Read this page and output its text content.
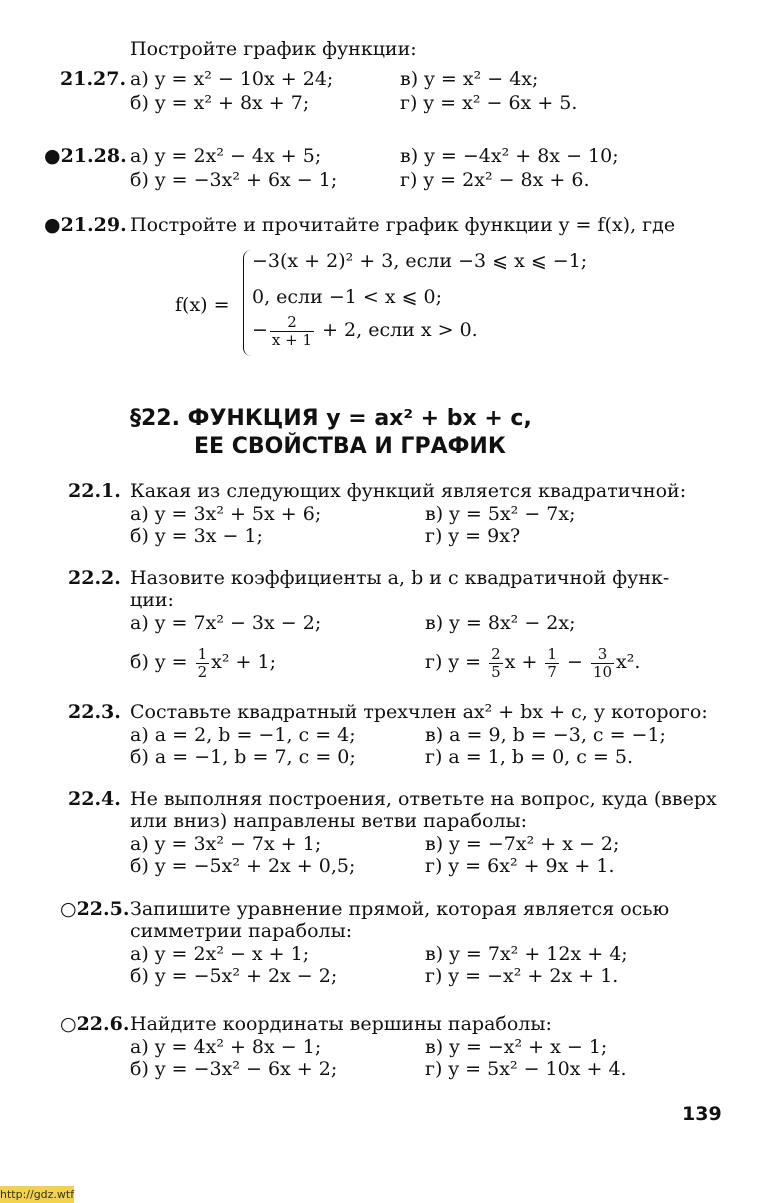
Постройте график функции:
21.27. а) y = x² − 10x + 24;	в) y = x² − 4x;
б) y = x² + 8x + 7;	г) y = x² − 6x + 5.
●21.28. а) y = 2x² − 4x + 5;	в) y = −4x² + 8x − 10;
б) y = −3x² + 6x − 1;	г) y = 2x² − 8x + 6.
●21.29. Постройте и прочитайте график функции y = f(x), где
f(x) =
−3(x + 2)² + 3, если −3 ⩽ x ⩽ −1;
0, если −1 < x ⩽ 0;
− $\frac{2}{x + 1} + 2$, если x > 0.
§22. ФУНКЦИЯ y = ax² + bx + c,
ЕЕ СВОЙСТВА И ГРАФИК
22.1. Какая из следующих функций является квадратичной:
а) y = 3x² + 5x + 6;	в) y = 5x² − 7x;
б) y = 3x − 1;	г) y = 9x?
22.2. Назовите коэффициенты a, b и c квадратичной функ-
ции:
а) y = 7x² − 3x − 2;	в) y = 8x² − 2x;
б) $y = \frac{1}{2} x^2 + 1$;	г) $y = \frac{2}{5}$ $x + \frac{1}{7} - \frac{3}{10} x^2$.
22.3. Составьте квадратный трехчлен ax² + bx + c, у которого:
а) a = 2, b = −1, c = 4;	в) a = 9, b = −3, c = −1;
б) a = −1, b = 7, c = 0;	г) a = 1, b = 0, c = 5.
22.4. Не выполняя построения, ответьте на вопрос, куда (вверх
или вниз) направлены ветви параболы:
а) y = 3x² − 7x + 1;	в) y = −7x² + x − 2;
б) y = −5x² + 2x + 0,5;	г) y = 6x² + 9x + 1.
○22.5. Запишите уравнение прямой, которая является осью
симметрии параболы:
а) y = 2x² − x + 1;	в) y = 7x² + 12x + 4;
б) y = −5x² + 2x − 2;	г) y = −x² + 2x + 1.
○22.6. Найдите координаты вершины параболы:
а) y = 4x² + 8x − 1;	в) y = −x² + x − 1;
б) y = −3x² − 6x + 2;	г) y = 5x² − 10x + 4.
139
http://gdz.wtf
